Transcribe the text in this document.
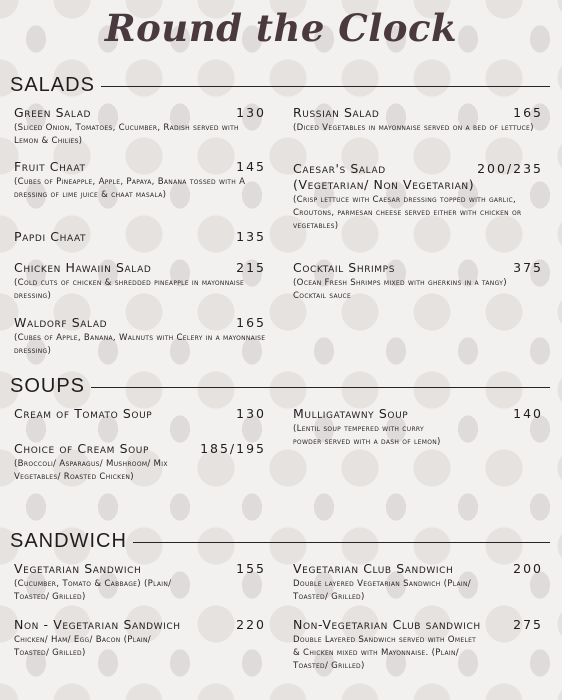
Round the Clock
SALADS
Green Salad	130
(Sliced Onion, Tomatoes, Cucumber, Radish served with Lemon & Chilies)
Fruit Chaat	145
(Cubes of Pineapple, Apple, Papaya, Banana tossed with A dressing of lime juice & chaat masala)
Papdi Chaat	135
Chicken Hawaiin Salad	215
(Cold cuts of chicken & shredded pineapple in mayonnaise dressing)
Waldorf Salad	165
(Cubes of Apple, Banana, Walnuts with Celery in a mayonnaise dressing)
Russian Salad	165
(Diced Vegetables in mayonnaise served on a bed of lettuce)
Caesar's Salad	200/235
(Vegetarian/ Non Vegetarian)
(Crisp lettuce with Caesar dressing topped with garlic, Croutons, parmesan cheese served either with chicken or vegetables)
Cocktail Shrimps	375
(Ocean Fresh Shrimps mixed with gherkins in a tangy) Cocktail sauce
SOUPS
Cream of Tomato Soup	130
Choice of Cream Soup	185/195
(Broccoli/ Asparagus/ Mushroom/ Mix Vegetables/ Roasted Chicken)
Mulligatawny Soup	140
(Lentil soup tempered with curry powder served with a dash of lemon)
SANDWICH
Vegetarian Sandwich	155
(Cucumber, Tomato & Cabbage) (Plain/ Toasted/ Grilled)
Non - Vegetarian Sandwich	220
Chicken/ Ham/ Egg/ Bacon (Plain/ Toasted/ Grilled)
Vegetarian Club Sandwich	200
Double layered Vegetarian Sandwich (Plain/ Toasted/ Grilled)
Non-Vegetarian Club sandwich	275
Double Layered Sandwich served with Omelet & Chicken mixed with Mayonnaise. (Plain/ Toasted/ Grilled)
